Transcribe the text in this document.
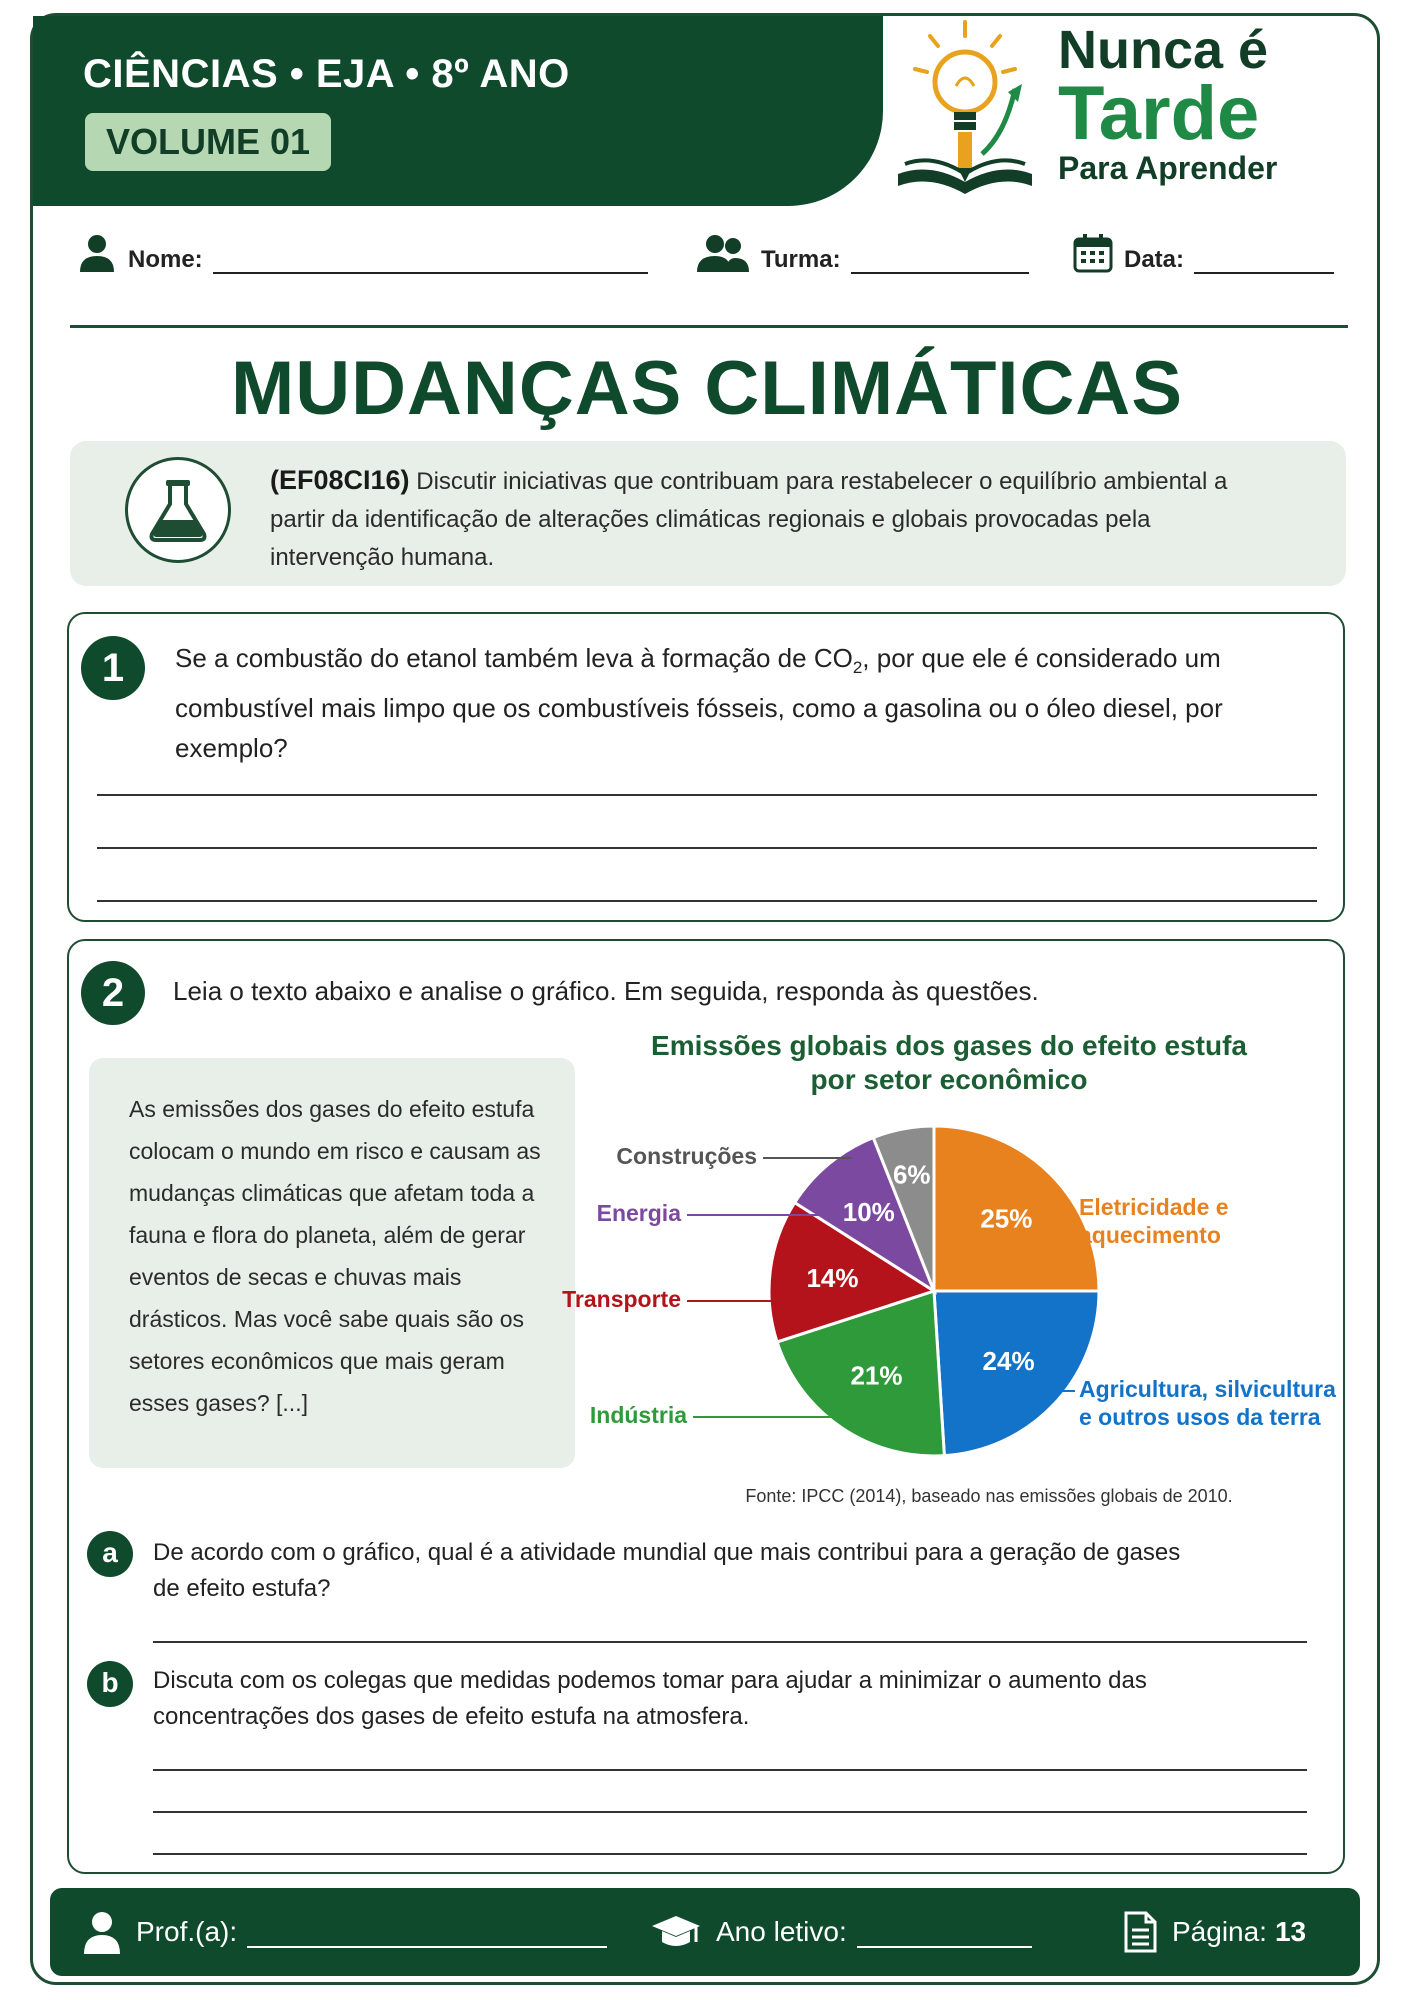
CIÊNCIAS • EJA • 8º ANO
VOLUME 01
Nunca é
Tarde
Para Aprender
Nome:	Turma:	Data:
MUDANÇAS CLIMÁTICAS
(EF08CI16) Discutir iniciativas que contribuam para restabelecer o equilíbrio ambiental a partir da identificação de alterações climáticas regionais e globais provocadas pela intervenção humana.
1	Se a combustão do etanol também leva à formação de $CO_2$, por que ele é considerado um combustível mais limpo que os combustíveis fósseis, como a gasolina ou o óleo diesel, por exemplo?
2	Leia o texto abaixo e analise o gráfico. Em seguida, responda às questões.
As emissões dos gases do efeito estufa colocam o mundo em risco e causam as mudanças climáticas que afetam toda a fauna e flora do planeta, além de gerar eventos de secas e chuvas mais drásticos. Mas você sabe quais são os setores econômicos que mais geram esses gases? [...]
Emissões globais dos gases do efeito estufa por setor econômico
25% Eletricidade e aquecimento
24%
Agricultura, silvicultura e outros usos da terra
21%
Indústria
14%
Transporte
10%
Energia
6%
Construções
Fonte: IPCC (2014), baseado nas emissões globais de 2010.
a	De acordo com o gráfico, qual é a atividade mundial que mais contribui para a geração de gases de efeito estufa?
b	Discuta com os colegas que medidas podemos tomar para ajudar a minimizar o aumento das concentrações dos gases de efeito estufa na atmosfera.
Prof.(a):	Ano letivo:	Página: 13
